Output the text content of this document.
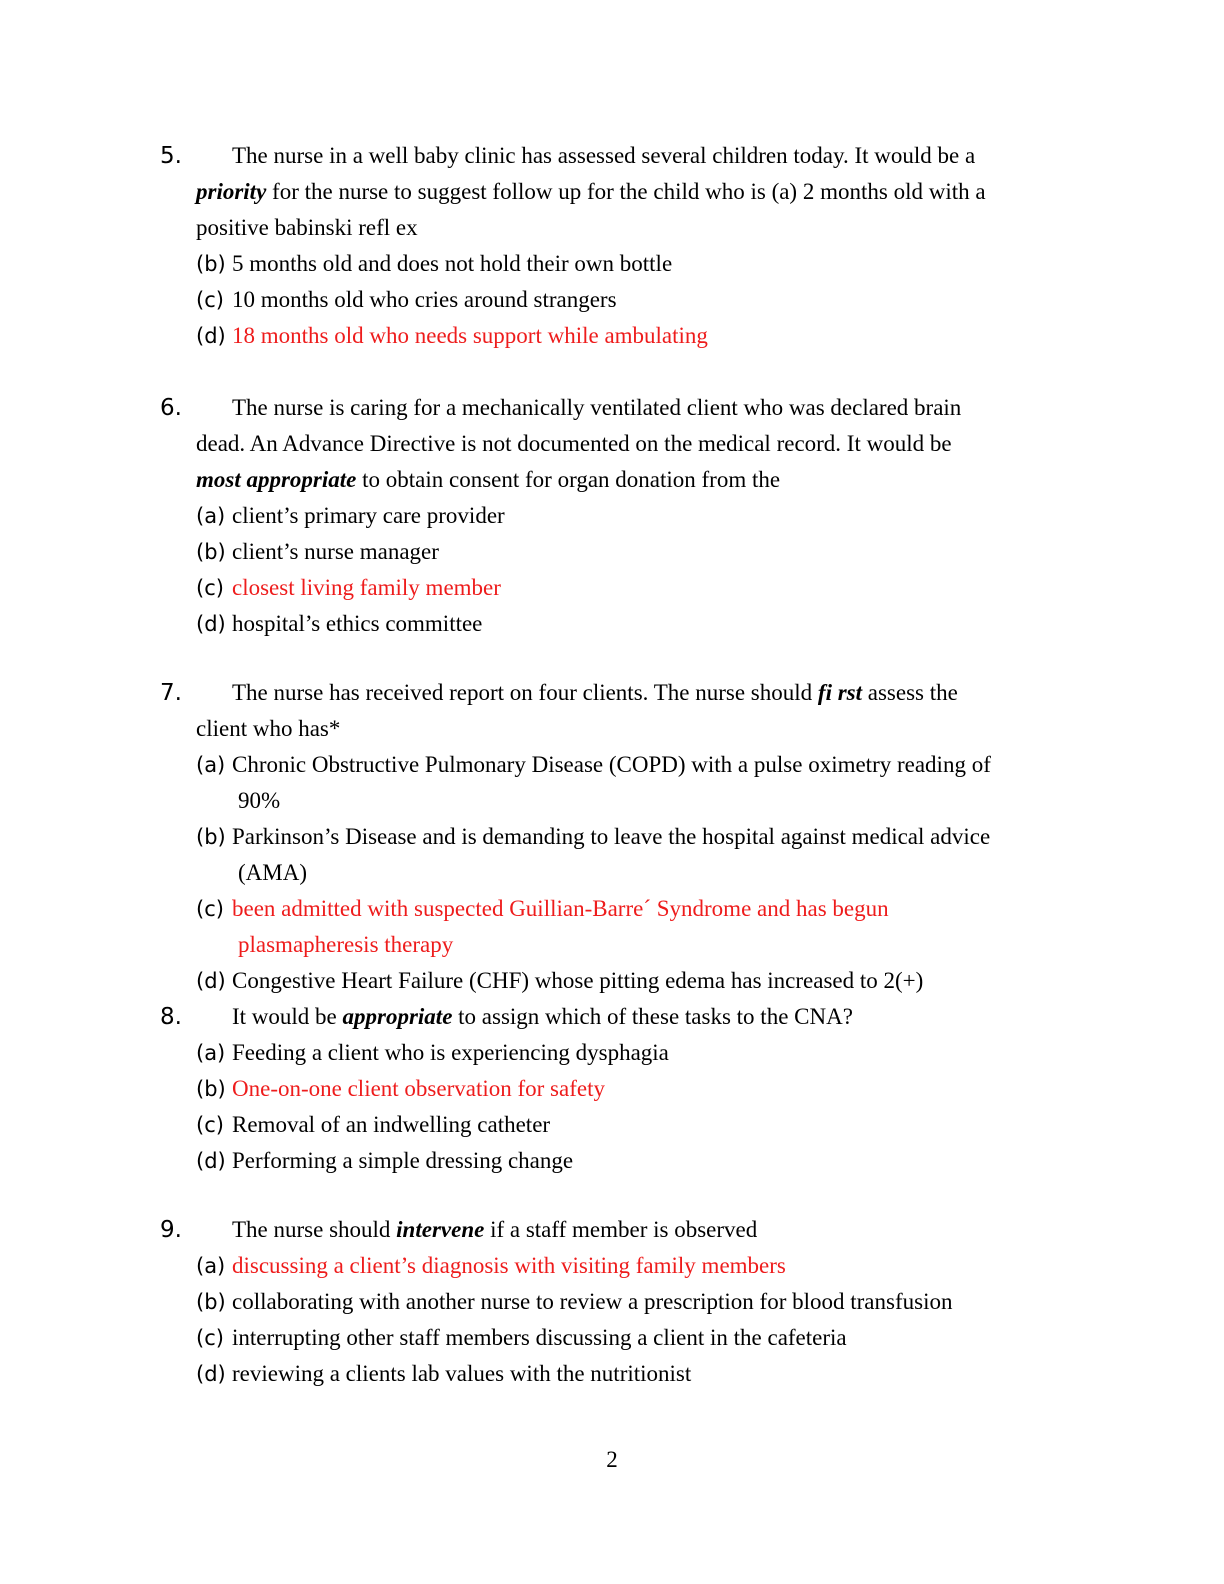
5.	The nurse in a well baby clinic has assessed several children today. It would be a
priority for the nurse to suggest follow up for the child who is (a) 2 months old with a
positive babinski refl ex
(b) 5 months old and does not hold their own bottle
(c) 10 months old who cries around strangers
(d) 18 months old who needs support while ambulating
6.	The nurse is caring for a mechanically ventilated client who was declared brain
dead. An Advance Directive is not documented on the medical record. It would be
most appropriate to obtain consent for organ donation from the
(a) client’s primary care provider
(b) client’s nurse manager
(c) closest living family member
(d) hospital’s ethics committee
7.	The nurse has received report on four clients. The nurse should fi rst assess the
client who has*
(a) Chronic Obstructive Pulmonary Disease (COPD) with a pulse oximetry reading of
90%
(b) Parkinson’s Disease and is demanding to leave the hospital against medical advice
(AMA)
(c) been admitted with suspected Guillian-Barre´ Syndrome and has begun
plasmapheresis therapy
(d) Congestive Heart Failure (CHF) whose pitting edema has increased to 2(+)
8.	It would be appropriate to assign which of these tasks to the CNA?
(a) Feeding a client who is experiencing dysphagia
(b) One-on-one client observation for safety
(c) Removal of an indwelling catheter
(d) Performing a simple dressing change
9.	The nurse should intervene if a staff member is observed
(a) discussing a client’s diagnosis with visiting family members
(b) collaborating with another nurse to review a prescription for blood transfusion
(c) interrupting other staff members discussing a client in the cafeteria
(d) reviewing a clients lab values with the nutritionist
2
